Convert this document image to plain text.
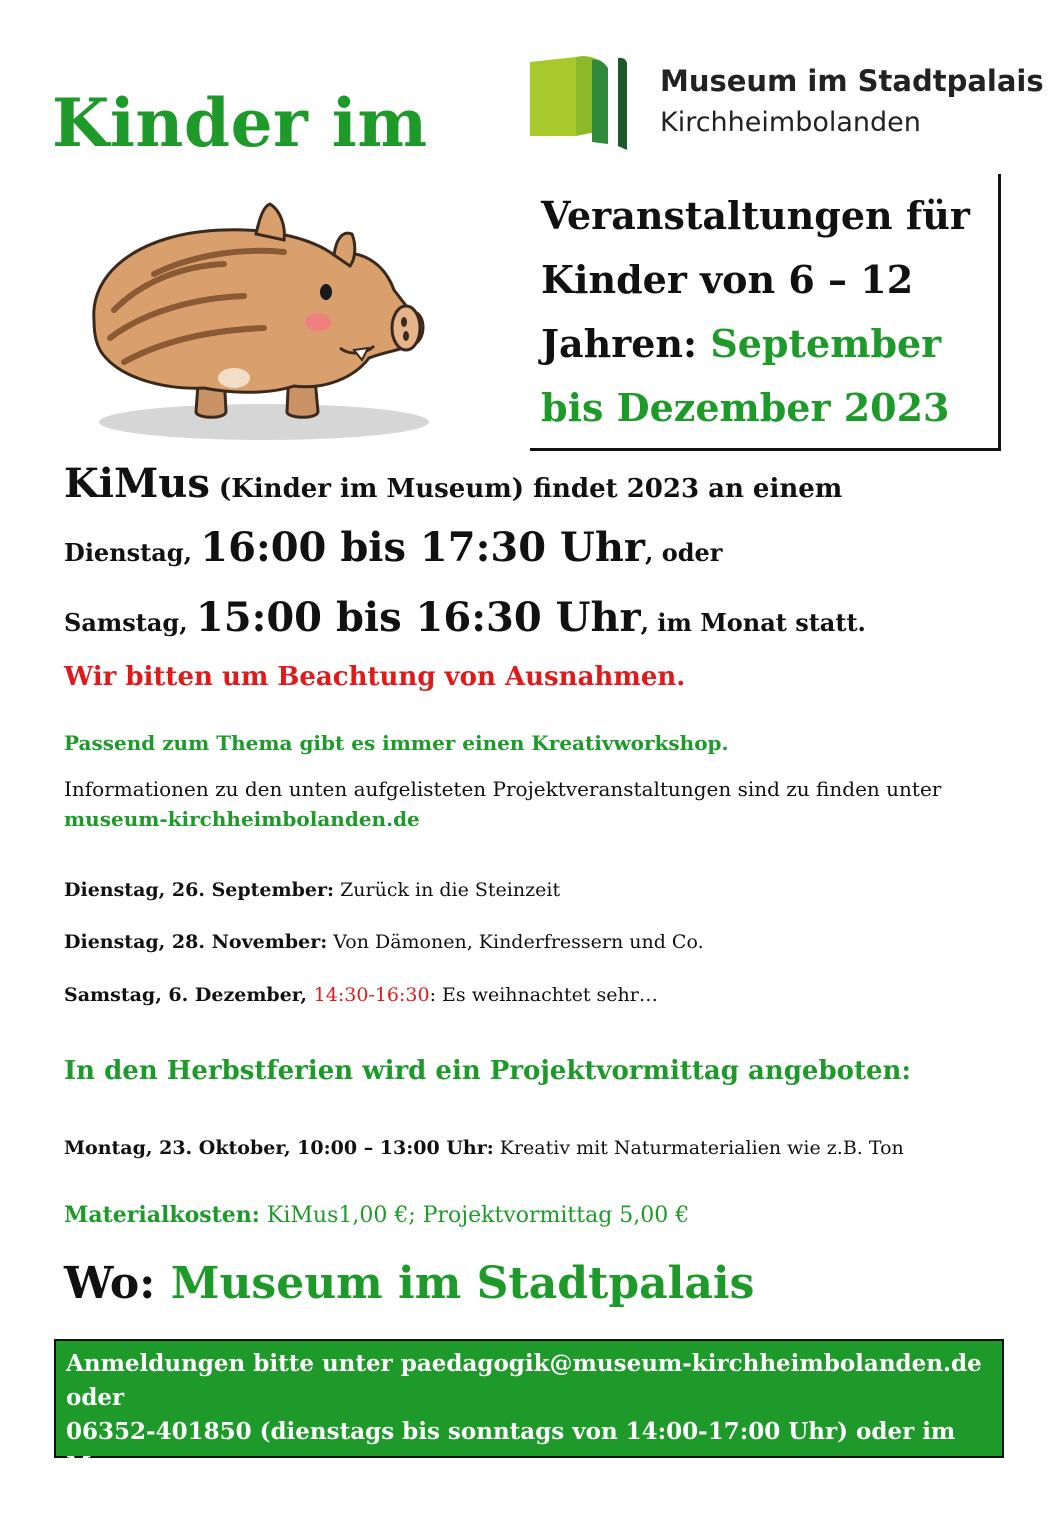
Kinder im
Museum im Stadtpalais
Kirchheimbolanden
Veranstaltungen für
Kinder von 6 – 12
Jahren: September
bis Dezember 2023
KiMus (Kinder im Museum) findet 2023 an einem
Dienstag, 16:00 bis 17:30 Uhr, oder
Samstag, 15:00 bis 16:30 Uhr, im Monat statt.
Wir bitten um Beachtung von Ausnahmen.
Passend zum Thema gibt es immer einen Kreativworkshop.
Informationen zu den unten aufgelisteten Projektveranstaltungen sind zu finden unter museum-kirchheimbolanden.de
Dienstag, 26. September: Zurück in die Steinzeit
Dienstag, 28. November: Von Dämonen, Kinderfressern und Co.
Samstag, 6. Dezember, 14:30-16:30: Es weihnachtet sehr…
In den Herbstferien wird ein Projektvormittag angeboten:
Montag, 23. Oktober, 10:00 – 13:00 Uhr: Kreativ mit Naturmaterialien wie z.B. Ton
Materialkosten: KiMus1,00 €; Projektvormittag 5,00 €
Wo: Museum im Stadtpalais
Anmeldungen bitte unter paedagogik@museum-kirchheimbolanden.de oder
06352-401850 (dienstags bis sonntags von 14:00-17:00 Uhr) oder im Museum
im Stadtpalais, Amtsstraße 14, 67292 Kirchheimbolanden
